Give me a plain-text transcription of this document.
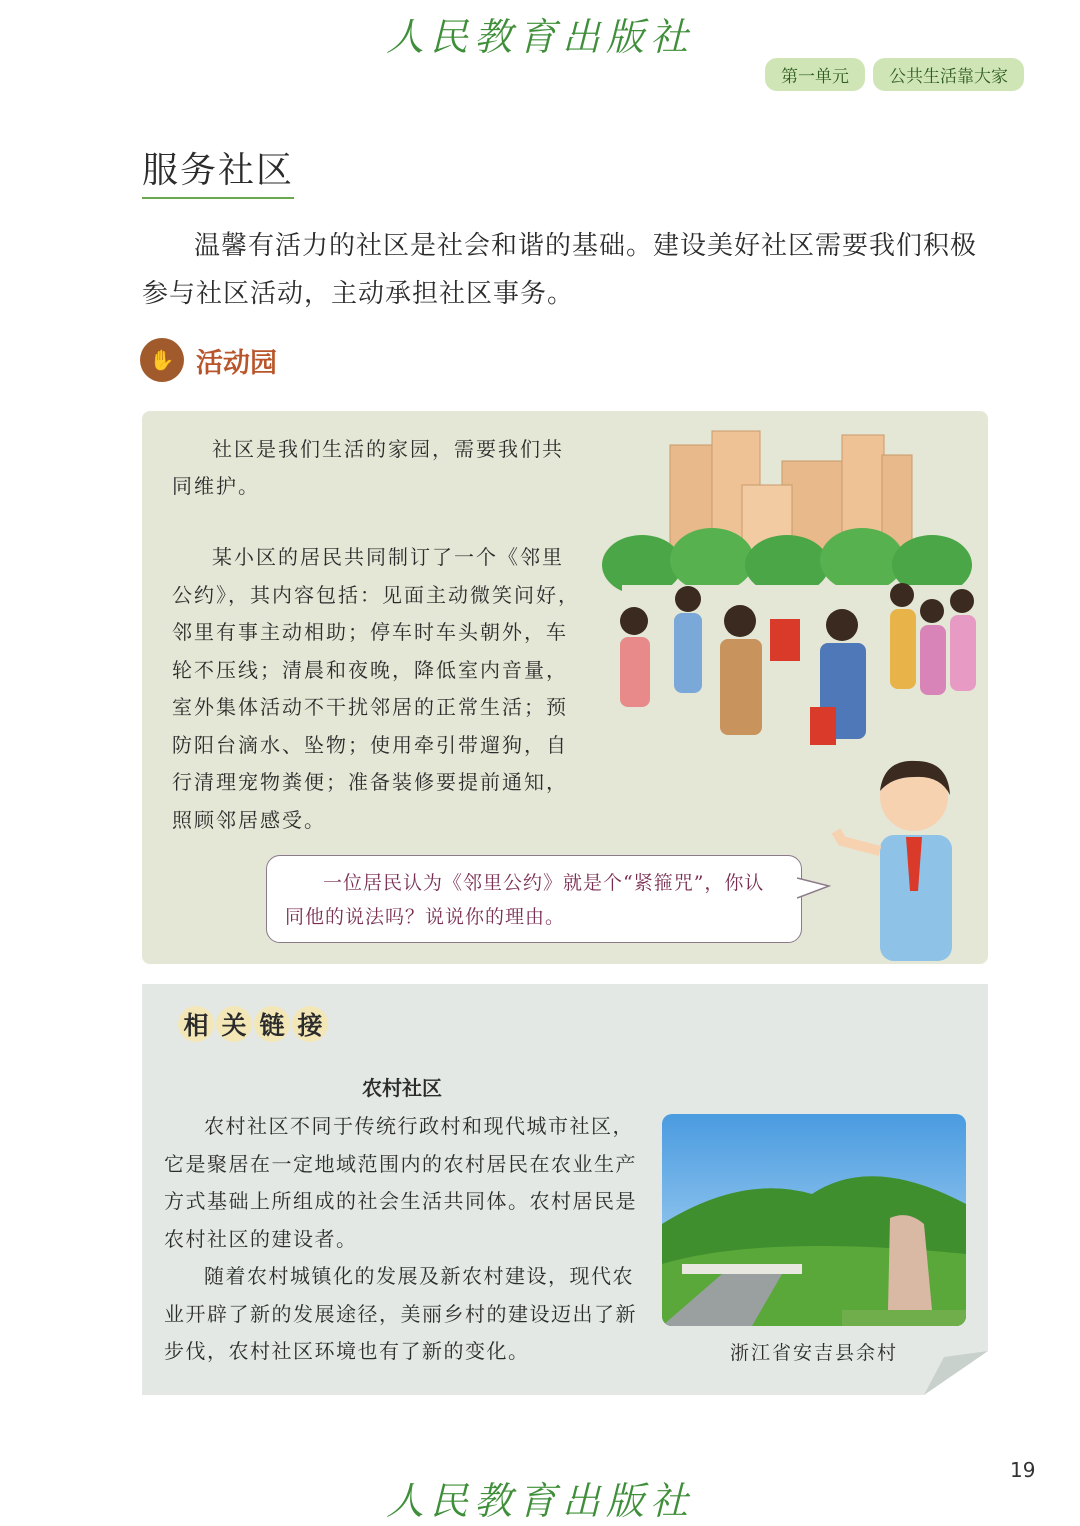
人民教育出版社
第一单元	公共生活靠大家
服务社区

温馨有活力的社区是社会和谐的基础。建设美好社区需要我们积极参与社区活动，主动承担社区事务。

✋ 活动园

社区是我们生活的家园，需要我们共同维护。

某小区的居民共同制订了一个《邻里公约》，其内容包括：见面主动微笑问好，邻里有事主动相助；停车时车头朝外，车轮不压线；清晨和夜晚，降低室内音量，室外集体活动不干扰邻居的正常生活；预防阳台滴水、坠物；使用牵引带遛狗，自行清理宠物粪便；准备装修要提前通知，照顾邻居感受。

一位居民认为《邻里公约》就是个“紧箍咒”，你认同他的说法吗？说说你的理由。

相 关 链 接
农村社区

农村社区不同于传统行政村和现代城市社区，它是聚居在一定地域范围内的农村居民在农业生产方式基础上所组成的社会生活共同体。农村居民是农村社区的建设者。

随着农村城镇化的发展及新农村建设，现代农业开辟了新的发展途径，美丽乡村的建设迈出了新步伐，农村社区环境也有了新的变化。	浙江省安吉县余村
19
人民教育出版社
